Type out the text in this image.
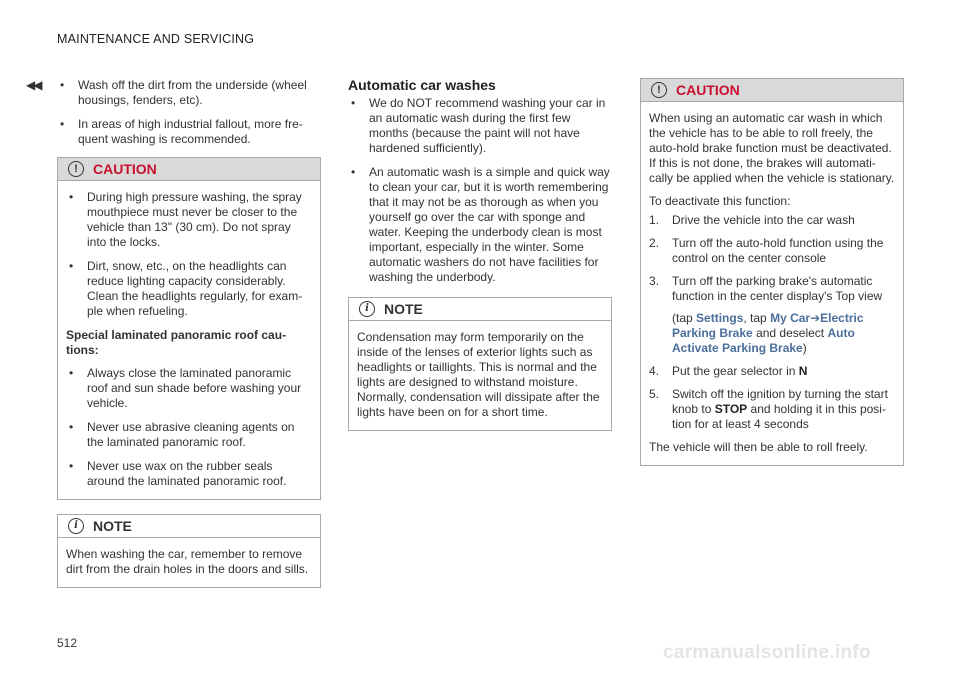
MAINTENANCE AND SERVICING
◀◀ • Wash off the dirt from the underside (wheel housings, fenders, etc).
• In areas of high industrial fallout, more fre-quent washing is recommended.
!	CAUTION
• During high pressure washing, the spray mouthpiece must never be closer to the vehicle than 13" (30 cm). Do not spray into the locks.
• Dirt, snow, etc., on the headlights can reduce lighting capacity considerably. Clean the headlights regularly, for exam-ple when refueling.
Special laminated panoramic roof cau-tions:
• Always close the laminated panoramic roof and sun shade before washing your vehicle.
• Never use abrasive cleaning agents on the laminated panoramic roof.
• Never use wax on the rubber seals around the laminated panoramic roof.
i	NOTE

When washing the car, remember to remove dirt from the drain holes in the doors and sills.

Automatic car washes
• We do NOT recommend washing your car in an automatic wash during the first few months (because the paint will not have hardened sufficiently).
• An automatic wash is a simple and quick way to clean your car, but it is worth remembering that it may not be as thorough as when you yourself go over the car with sponge and water. Keeping the underbody clean is most important, especially in the winter. Some automatic washers do not have facilities for washing the underbody.
i	NOTE

Condensation may form temporarily on the inside of the lenses of exterior lights such as headlights or taillights. This is normal and the lights are designed to withstand moisture. Normally, condensation will dissipate after the lights have been on for a short time.

!	CAUTION

When using an automatic car wash in which the vehicle has to be able to roll freely, the auto-hold brake function must be deactivated. If this is not done, the brakes will automati-cally be applied when the vehicle is stationary.

To deactivate this function:

1. Drive the vehicle into the car wash
2. Turn off the auto-hold function using the control on the center console
3. Turn off the parking brake's automatic function in the center display's Top view
(tap Settings, tap My Car➔Electric Parking Brake and deselect Auto Activate Parking Brake)
4. Put the gear selector in N
5. Switch off the ignition by turning the start knob to STOP and holding it in this posi-tion for at least 4 seconds

The vehicle will then be able to roll freely.

512	carmanualsonline.info
